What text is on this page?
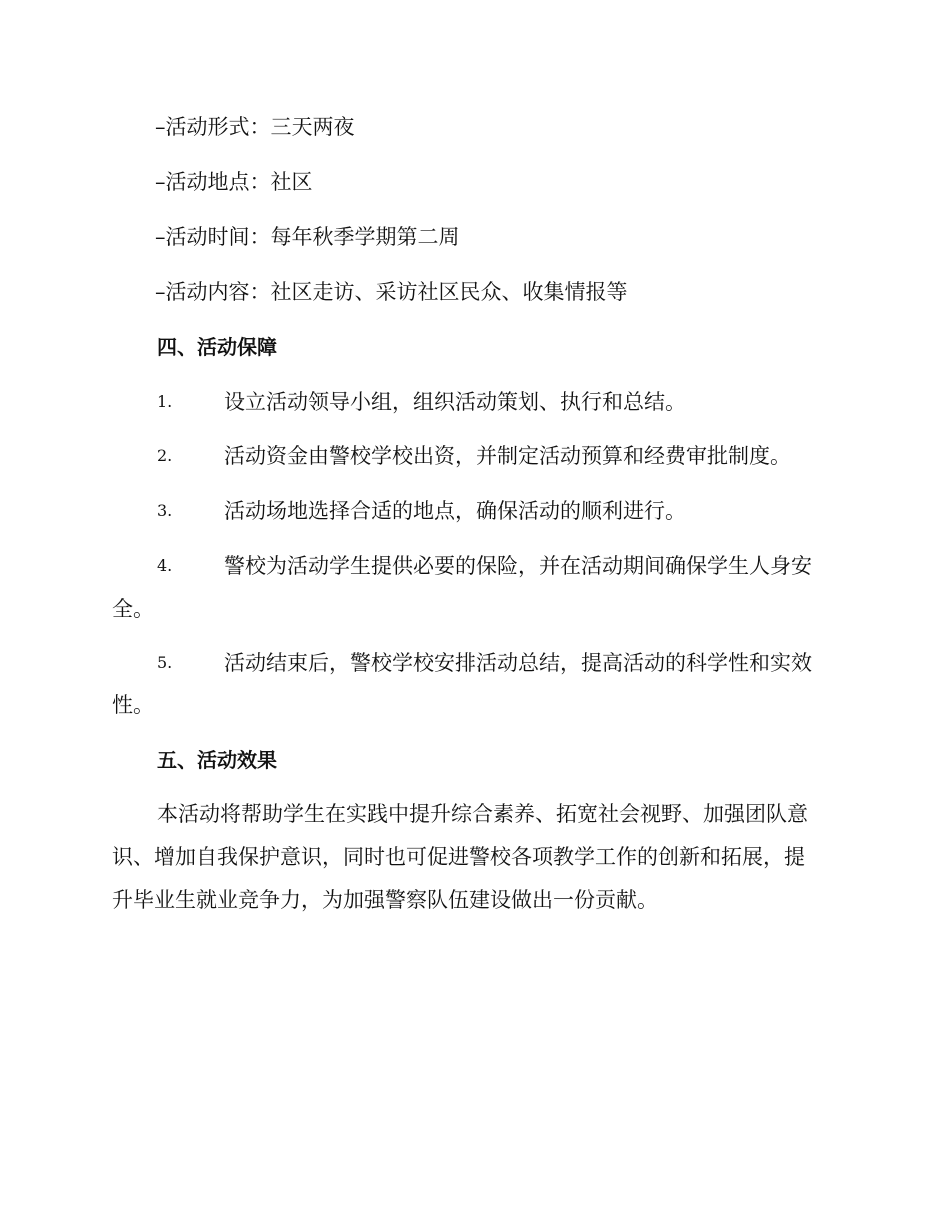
–活动形式：三天两夜
–活动地点：社区
–活动时间：每年秋季学期第二周
–活动内容：社区走访、采访社区民众、收集情报等
四、活动保障
1. 设立活动领导小组，组织活动策划、执行和总结。
2. 活动资金由警校学校出资，并制定活动预算和经费审批制度。
3. 活动场地选择合适的地点，确保活动的顺利进行。
4. 警校为活动学生提供必要的保险，并在活动期间确保学生人身安
全。
5. 活动结束后，警校学校安排活动总结，提高活动的科学性和实效
性。
五、活动效果
本活动将帮助学生在实践中提升综合素养、拓宽社会视野、加强团队意
识、增加自我保护意识，同时也可促进警校各项教学工作的创新和拓展，提
升毕业生就业竞争力，为加强警察队伍建设做出一份贡献。
